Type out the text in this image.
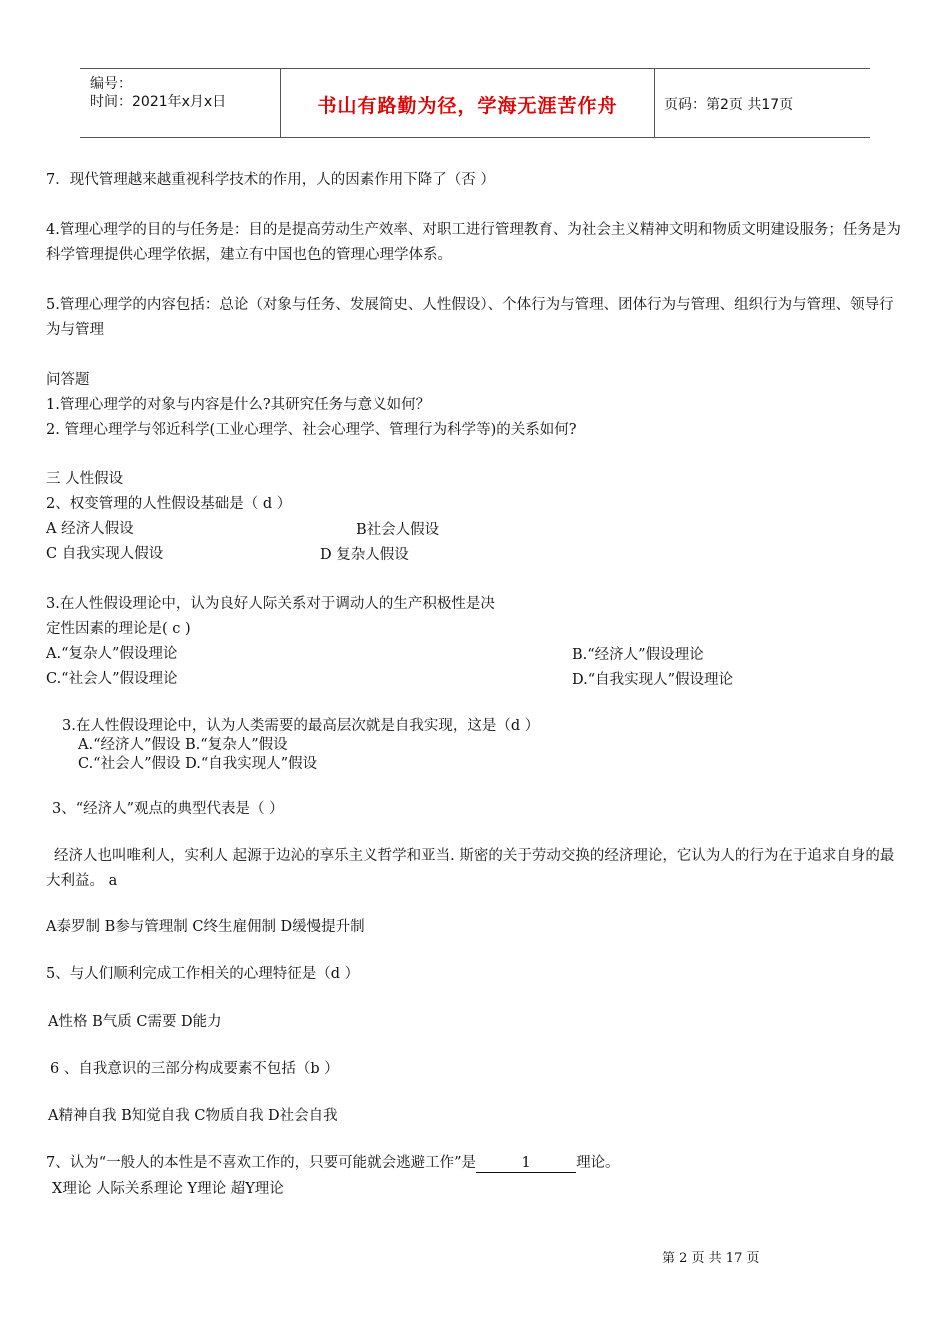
编号：
时间：2021年x月x日	书山有路勤为径，学海无涯苦作舟	页码：第2页 共17页
7．现代管理越来越重视科学技术的作用，人的因素作用下降了（否 ）
4.管理心理学的目的与任务是：目的是提高劳动生产效率、对职工进行管理教育、为社会主义精神文明和物质文明建设服务；任务是为科学管理提供心理学依据，建立有中国也色的管理心理学体系。
5.管理心理学的内容包括：总论（对象与任务、发展简史、人性假设）、个体行为与管理、团体行为与管理、组织行为与管理、领导行为与管理
问答题
1.管理心理学的对象与内容是什么?其研究任务与意义如何？
2. 管理心理学与邻近科学(工业心理学、社会心理学、管理行为科学等)的关系如何?
三 人性假设
2、权变管理的人性假设基础是（ d ）
A 经济人假设	B社会人假设
C 自我实现人假设	D 复杂人假设
3.在人性假设理论中，认为良好人际关系对于调动人的生产积极性是决
定性因素的理论是( c )
A.“复杂人”假设理论	B.“经济人”假设理论
C.“社会人”假设理论	D.“自我实现人”假设理论
3.在人性假设理论中，认为人类需要的最高层次就是自我实现，这是（d ）
A.“经济人”假设 B.“复杂人”假设
C.“社会人”假设 D.“自我实现人”假设
3、“经济人”观点的典型代表是（ ）
经济人也叫唯利人，实利人 起源于边沁的享乐主义哲学和亚当. 斯密的关于劳动交换的经济理论，它认为人的行为在于追求自身的最大利益。 a
A泰罗制 B参与管理制 C终生雇佣制 D缓慢提升制
5、与人们顺利完成工作相关的心理特征是（d ）
A性格 B气质 C需要 D能力
6 、自我意识的三部分构成要素不包括（b ）
A精神自我 B知觉自我 C物质自我 D社会自我
7、认为“一般人的本性是不喜欢工作的，只要可能就会逃避工作”是	1	理论。
X理论 人际关系理论 Y理论 超Y理论
第 2 页 共 17 页
